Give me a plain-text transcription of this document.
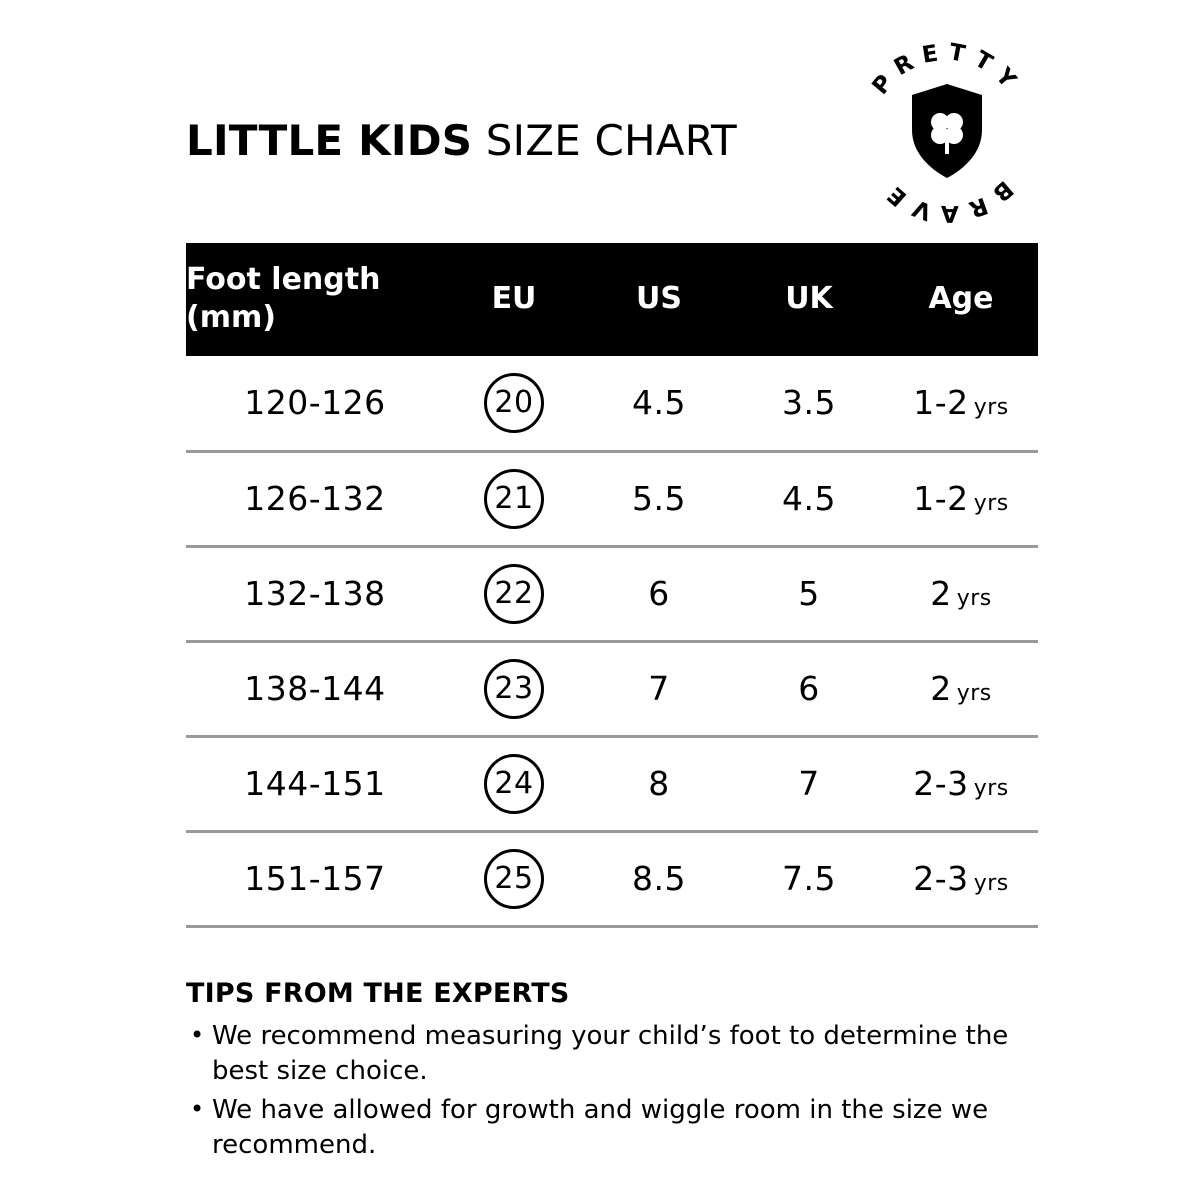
PRETTY
BRAVE
LITTLE KIDS SIZE CHART
Foot length
(mm)	EU	US	UK	Age
120-126	20	4.5	3.5	1-2 yrs
126-132	21	5.5	4.5	1-2 yrs
132-138	22	6	5	2 yrs
138-144	23	7	6	2 yrs
144-151	24	8	7	2-3 yrs
151-157	25	8.5	7.5	2-3 yrs
TIPS FROM THE EXPERTS
• We recommend measuring your child’s foot to determine the best size choice.
• We have allowed for growth and wiggle room in the size we recommend.
